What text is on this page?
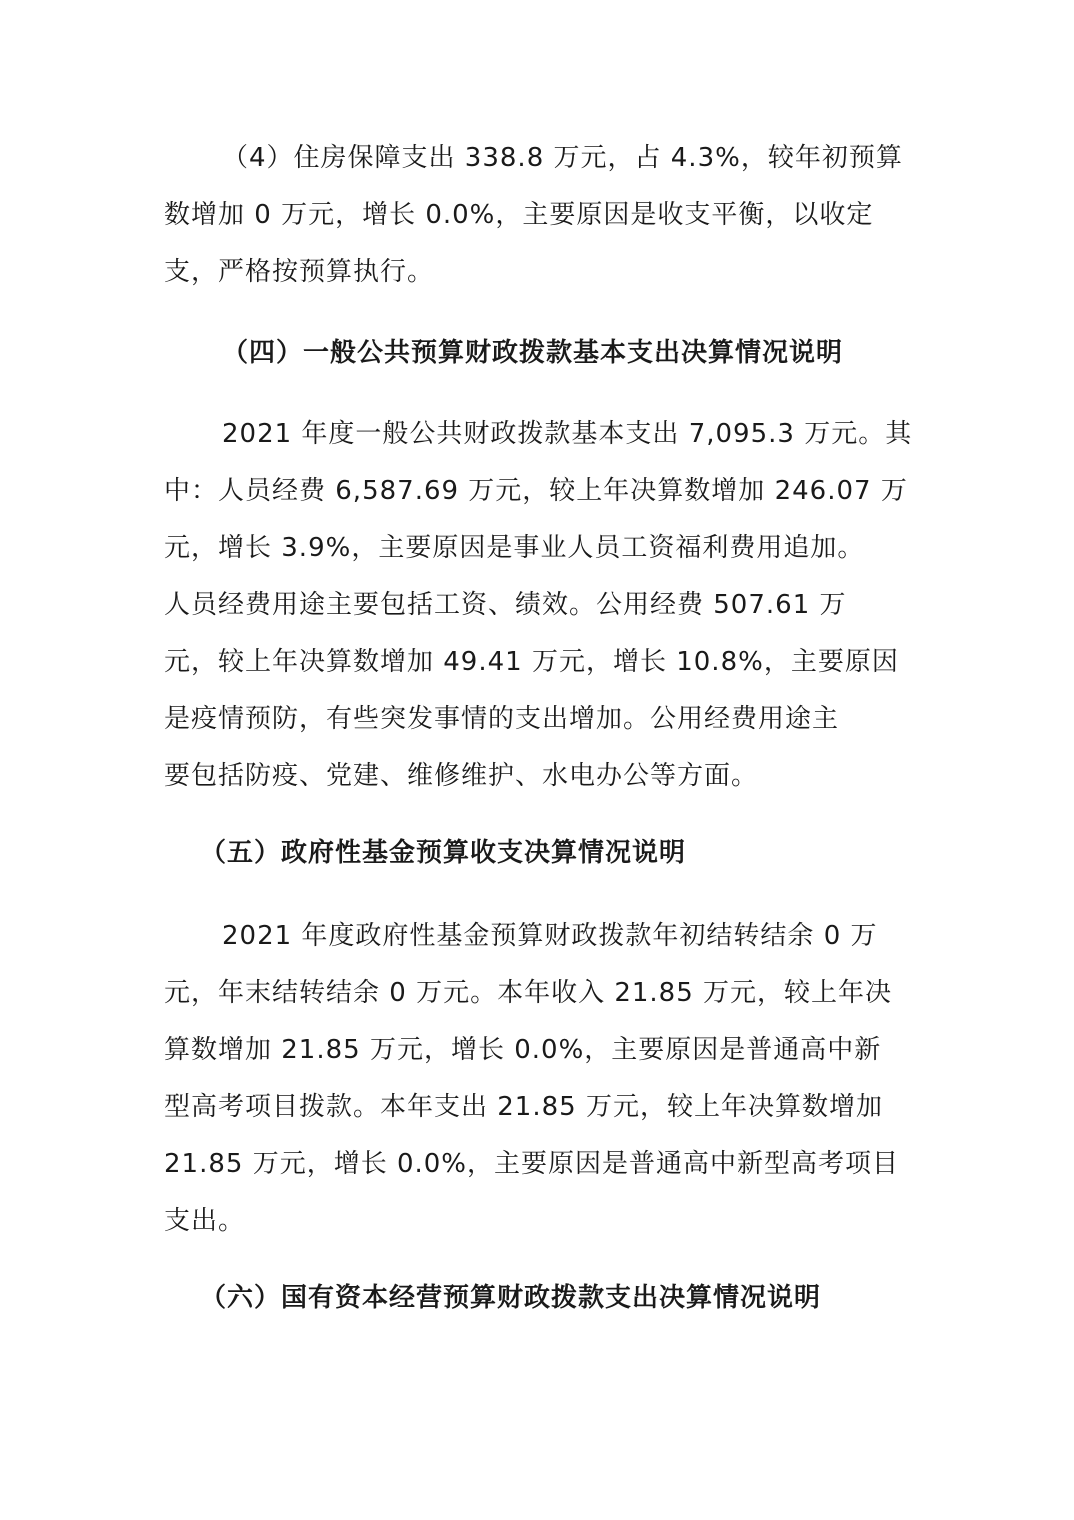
（4）住房保障支出 338.8 万元，占 4.3%，较年初预算
数增加 0 万元，增长 0.0%，主要原因是收支平衡，以收定
支，严格按预算执行。
（四）一般公共预算财政拨款基本支出决算情况说明
2021 年度一般公共财政拨款基本支出 7,095.3 万元。其
中：人员经费 6,587.69 万元，较上年决算数增加 246.07 万
元，增长 3.9%，主要原因是事业人员工资福利费用追加。
人员经费用途主要包括工资、绩效。公用经费 507.61 万
元，较上年决算数增加 49.41 万元，增长 10.8%，主要原因
是疫情预防，有些突发事情的支出增加。公用经费用途主
要包括防疫、党建、维修维护、水电办公等方面。
（五）政府性基金预算收支决算情况说明
2021 年度政府性基金预算财政拨款年初结转结余 0 万
元，年末结转结余 0 万元。本年收入 21.85 万元，较上年决
算数增加 21.85 万元，增长 0.0%，主要原因是普通高中新
型高考项目拨款。本年支出 21.85 万元，较上年决算数增加
21.85 万元，增长 0.0%，主要原因是普通高中新型高考项目
支出。
（六）国有资本经营预算财政拨款支出决算情况说明
